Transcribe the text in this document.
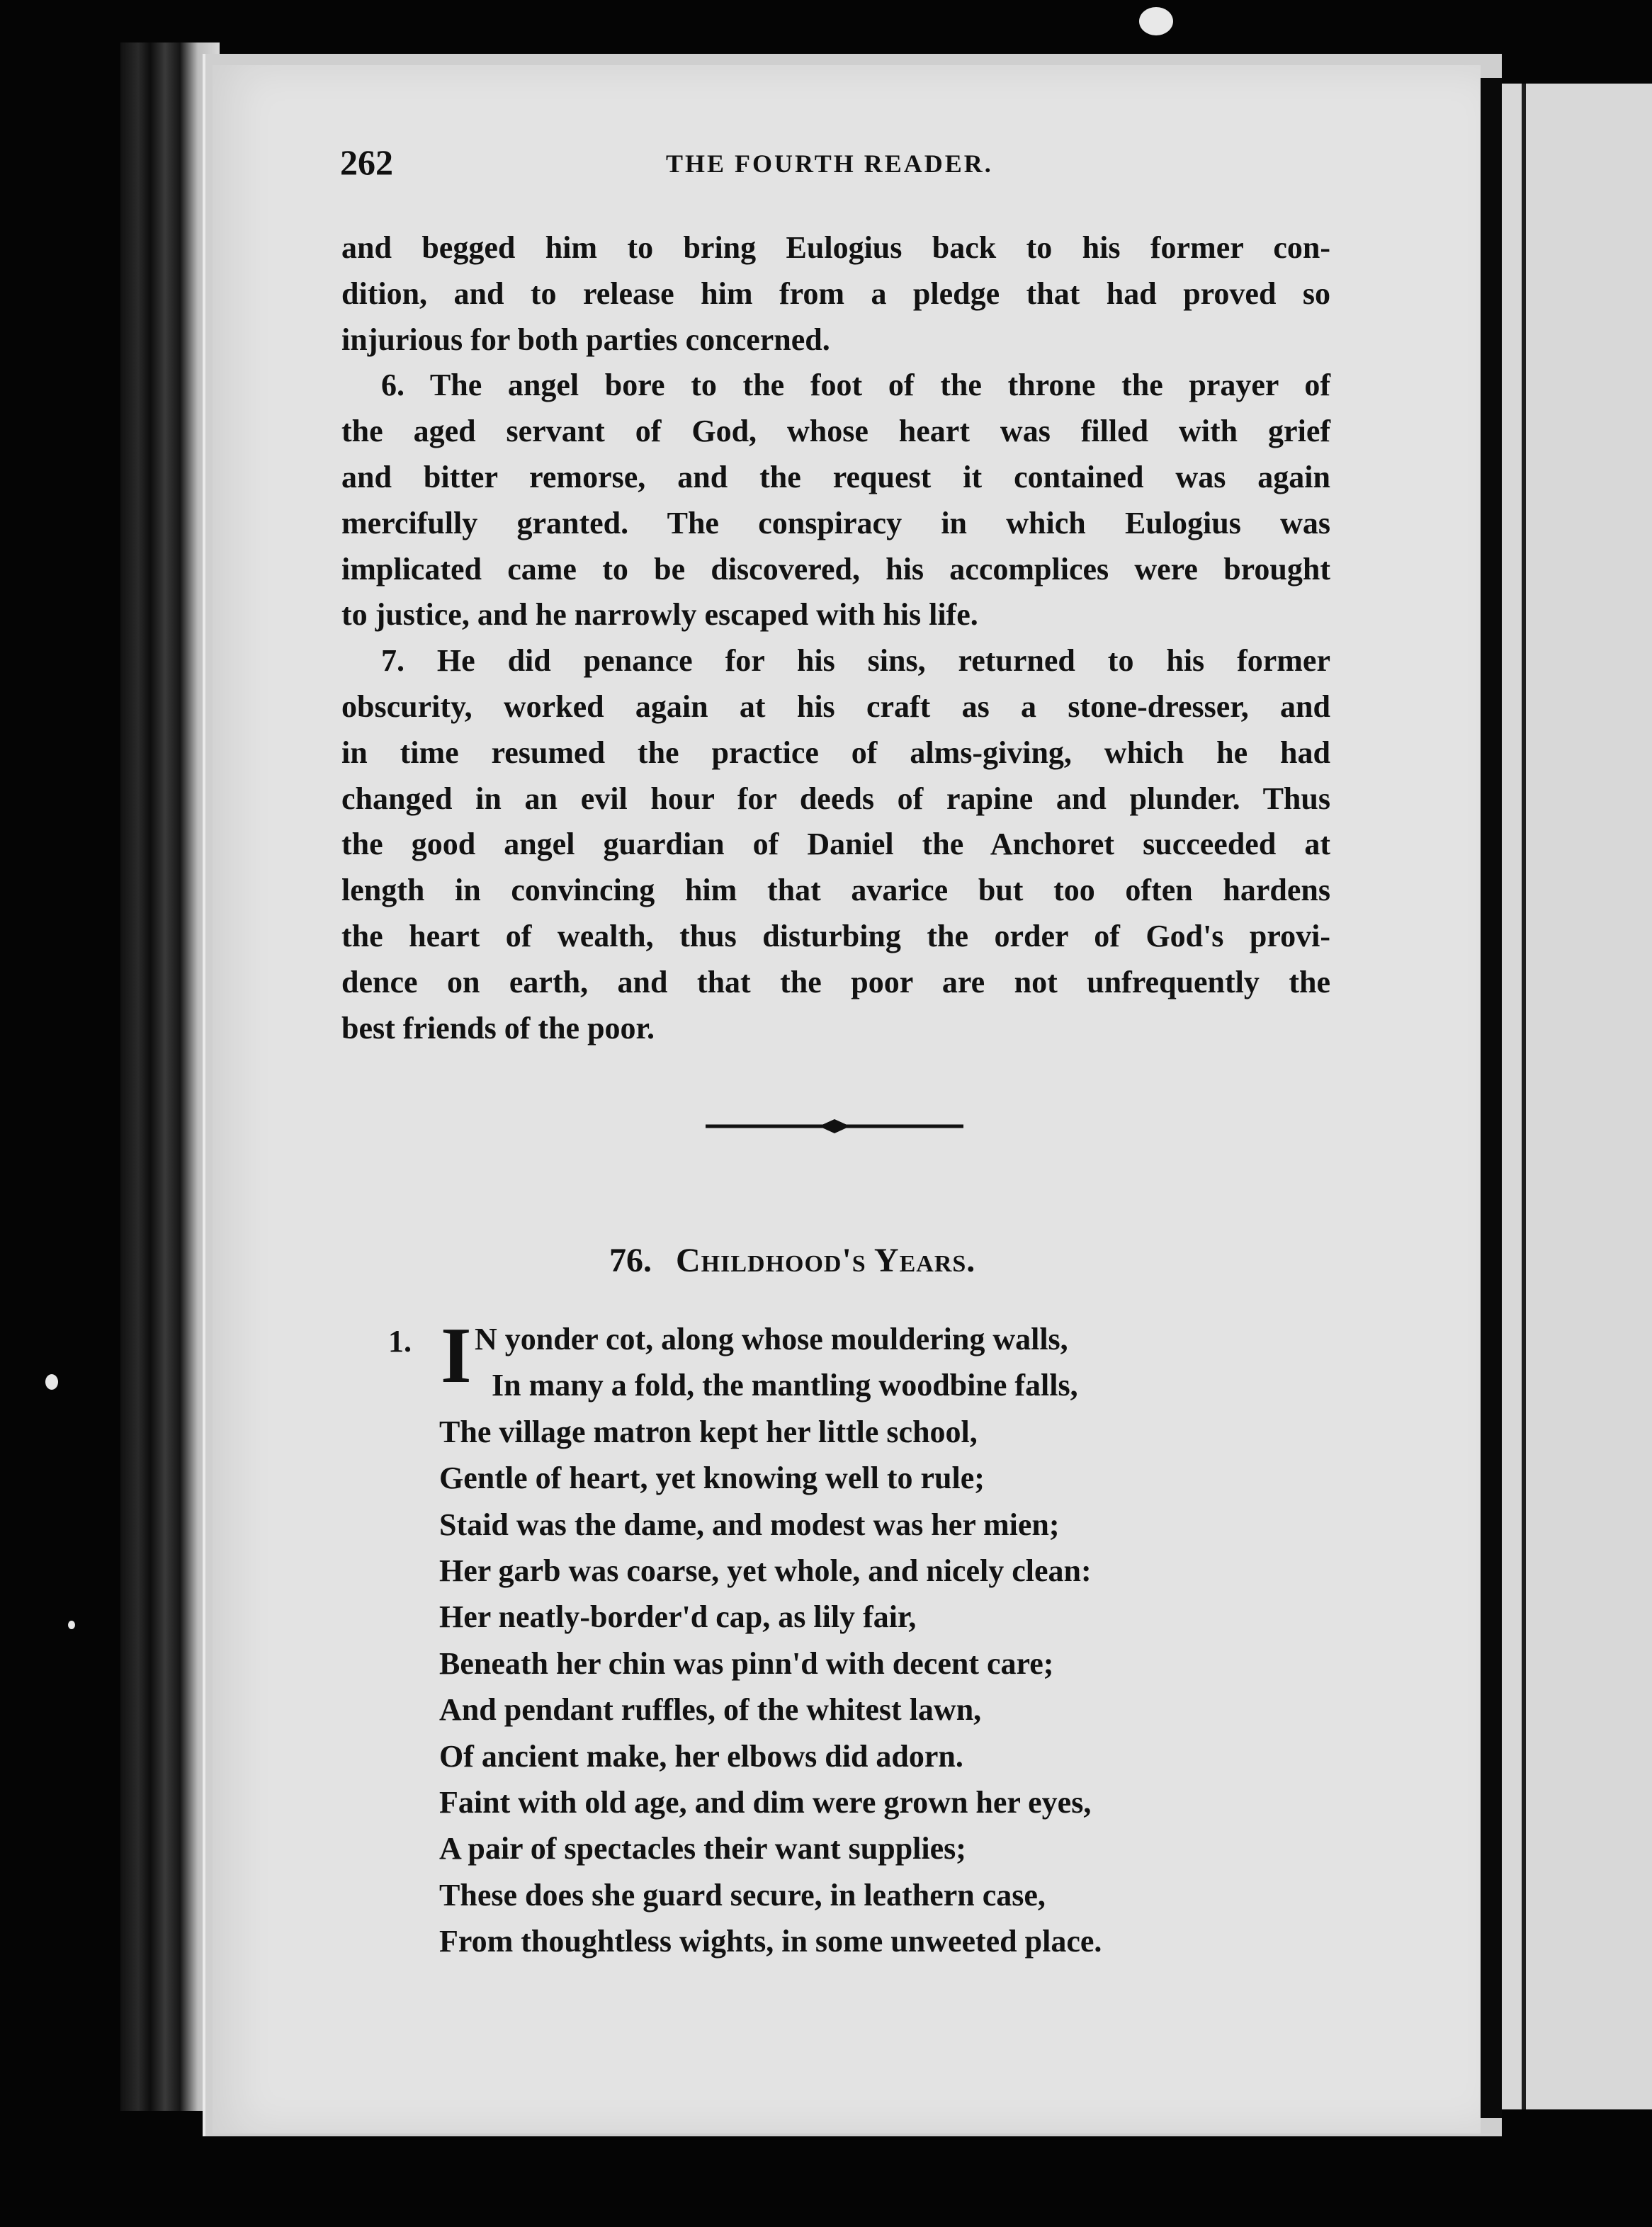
262	THE FOURTH READER.
and begged him to bring Eulogius back to his former con-
dition, and to release him from a pledge that had proved so
injurious for both parties concerned.
6. The angel bore to the foot of the throne the prayer of
the aged servant of God, whose heart was filled with grief
and bitter remorse, and the request it contained was again
mercifully granted. The conspiracy in which Eulogius was
implicated came to be discovered, his accomplices were brought
to justice, and he narrowly escaped with his life.
7. He did penance for his sins, returned to his former
obscurity, worked again at his craft as a stone-dresser, and
in time resumed the practice of alms-giving, which he had
changed in an evil hour for deeds of rapine and plunder. Thus
the good angel guardian of Daniel the Anchoret succeeded at
length in convincing him that avarice but too often hardens
the heart of wealth, thus disturbing the order of God's provi-
dence on earth, and that the poor are not unfrequently the
best friends of the poor.
76. Childhood's Years.
1. I N yonder cot, along whose mouldering walls,
In many a fold, the mantling woodbine falls,
The village matron kept her little school,
Gentle of heart, yet knowing well to rule;
Staid was the dame, and modest was her mien;
Her garb was coarse, yet whole, and nicely clean:
Her neatly-border'd cap, as lily fair,
Beneath her chin was pinn'd with decent care;
And pendant ruffles, of the whitest lawn,
Of ancient make, her elbows did adorn.
Faint with old age, and dim were grown her eyes,
A pair of spectacles their want supplies;
These does she guard secure, in leathern case,
From thoughtless wights, in some unweeted place.
